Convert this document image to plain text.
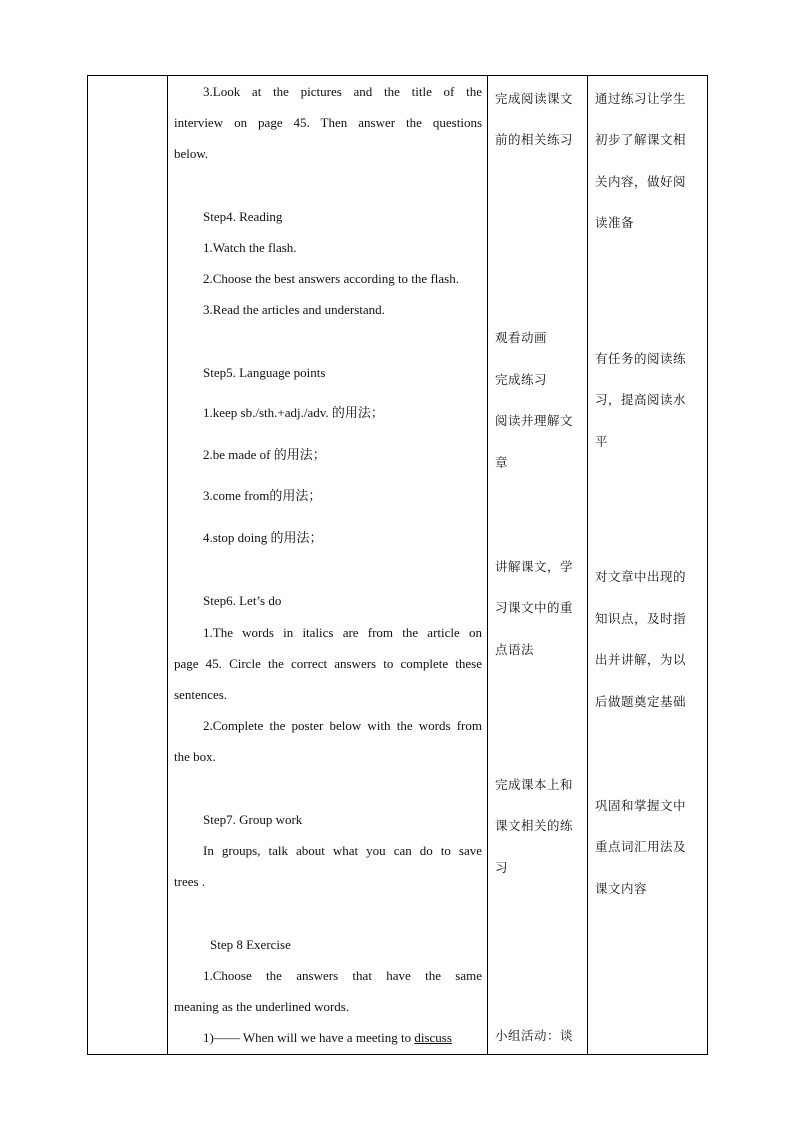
3.Look at the pictures and the title of the
interview on page 45. Then answer the questions
below.
Step4. Reading
1.Watch the flash.
2.Choose the best answers according to the flash.
3.Read the articles and understand.
Step5. Language points
1.keep sb./sth.+adj./adv. 的用法；
2.be made of 的用法；
3.come from的用法；
4.stop doing 的用法；
Step6. Let’s do
1.The words in italics are from the article on
page 45. Circle the correct answers to complete these
sentences.
2.Complete the poster below with the words from
the box.
Step7. Group work
In groups, talk about what you can do to save
trees .
Step 8 Exercise
1.Choose the answers that have the same
meaning as the underlined words.
1)—— When will we have a meeting to discuss

完成阅读课文
前的相关练习
观看动画
完成练习
阅读并理解文
章
讲解课文，学
习课文中的重
点语法
完成课本上和
课文相关的练
习
小组活动：谈

通过练习让学生
初步了解课文相
关内容，做好阅
读准备
有任务的阅读练
习，提高阅读水
平
对文章中出现的
知识点，及时指
出并讲解，为以
后做题奠定基础
巩固和掌握文中
重点词汇用法及
课文内容
